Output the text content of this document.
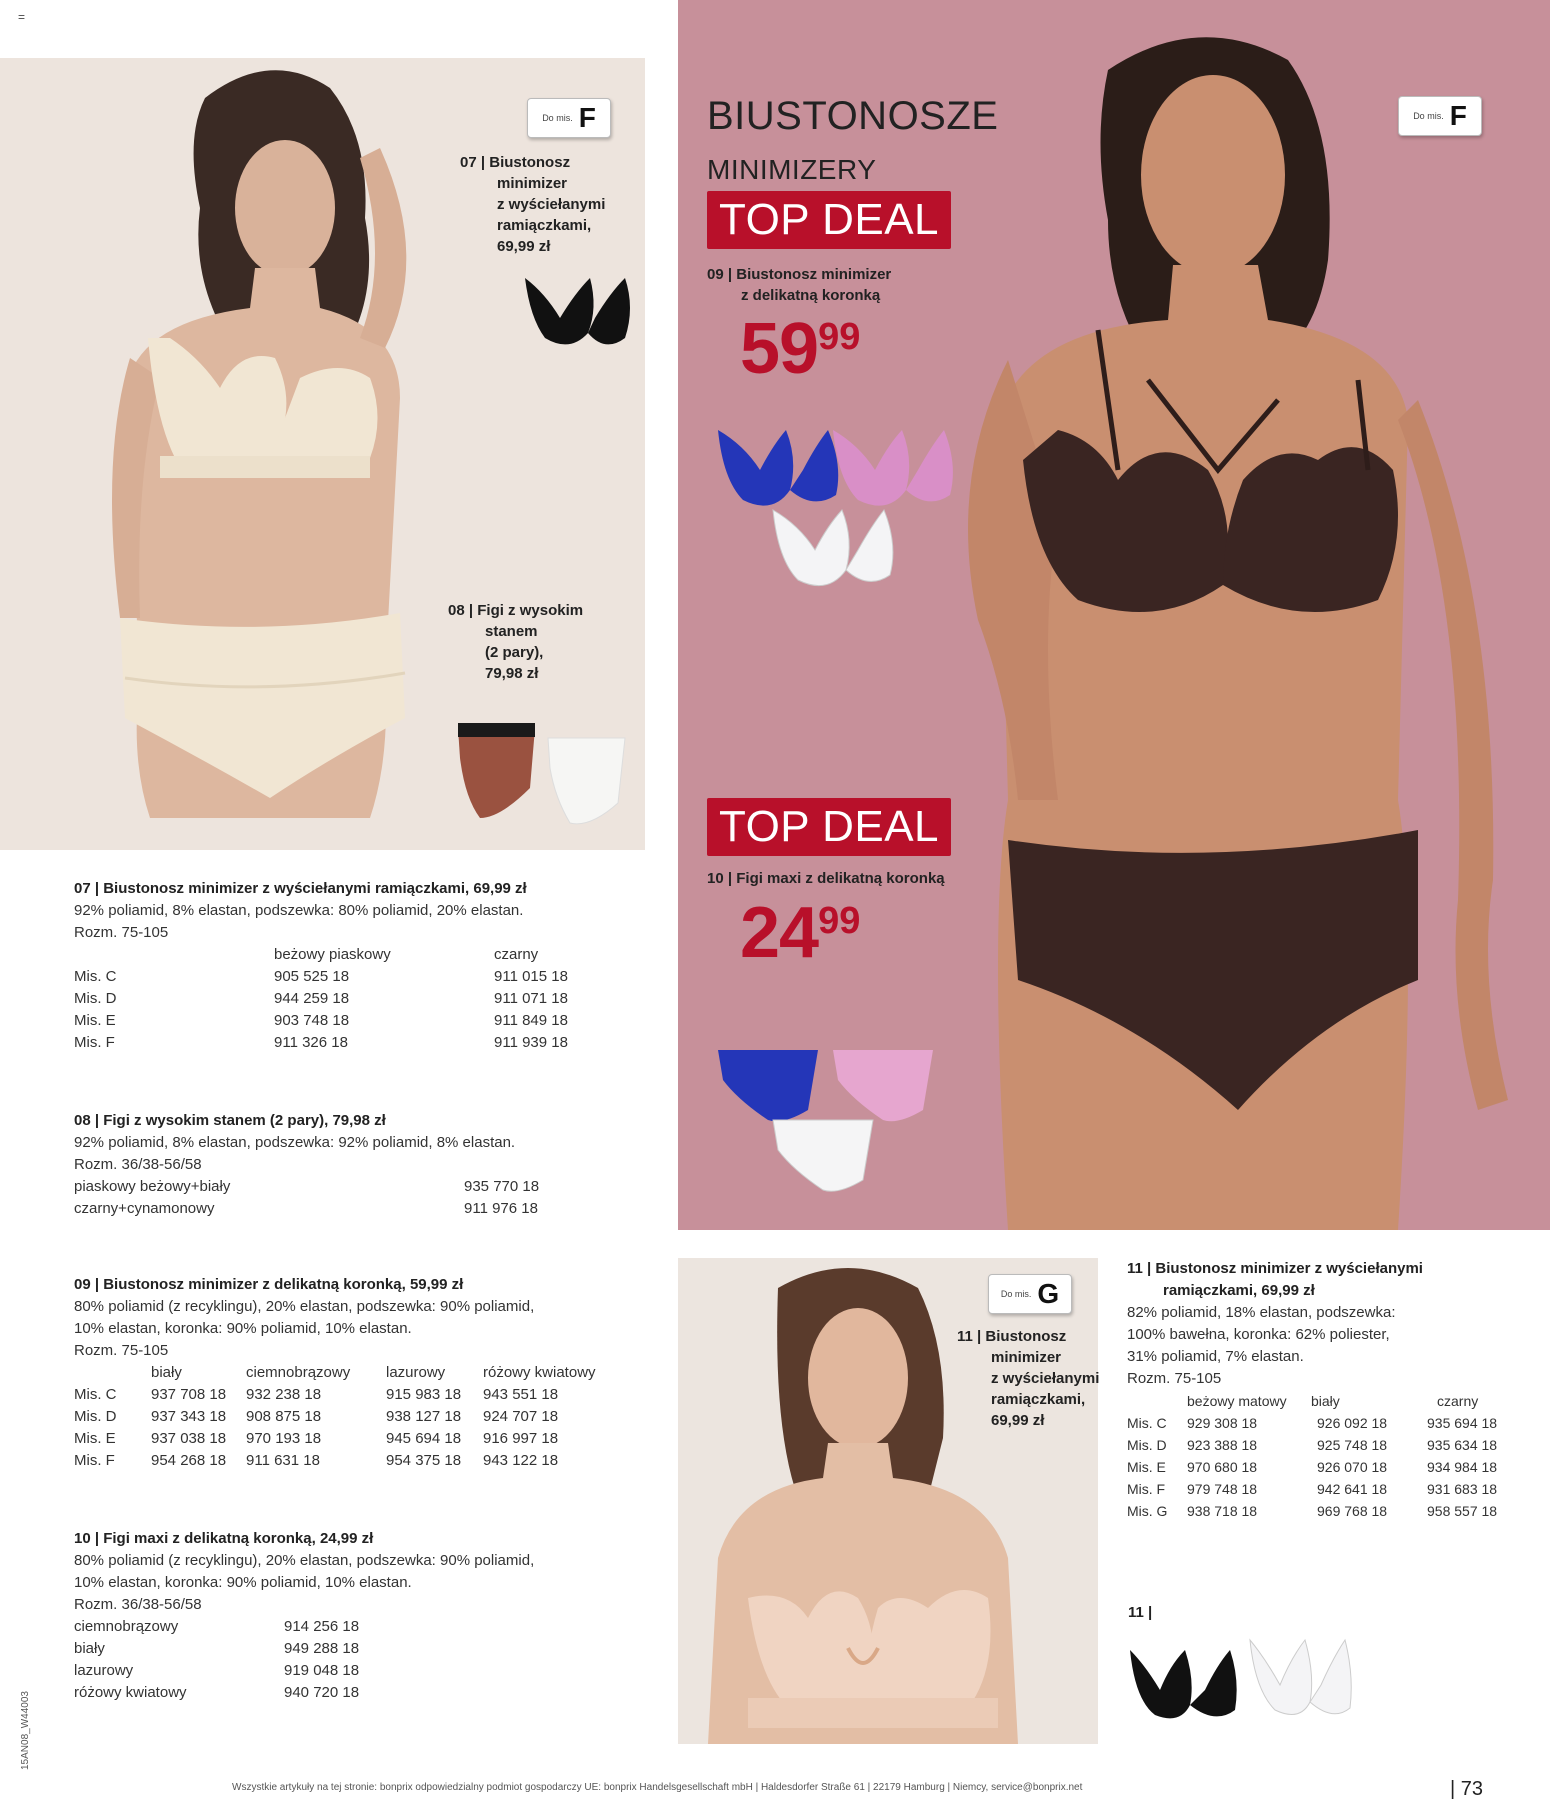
=
Do mis. F
07 | Biustonosz
minimizer
z wyściełanymi
ramiączkami,
69,99 zł
08 | Figi z wysokim
stanem
(2 pary),
79,98 zł
BIUSTONOSZE
MINIMIZERY
TOP DEAL
09 | Biustonosz minimizer
z delikatną koronką
5999
Do mis. F
TOP DEAL
10 | Figi maxi z delikatną koronką
2499
Do mis. G
11 | Biustonosz
minimizer
z wyściełanymi
ramiączkami,
69,99 zł
11 |
07 | Biustonosz minimizer z wyściełanymi ramiączkami, 69,99 zł
92% poliamid, 8% elastan, podszewka: 80% poliamid, 20% elastan.
Rozm. 75-105
beżowy piaskowy	czarny
Mis. C	905 525 18	911 015 18
Mis. D	944 259 18	911 071 18
Mis. E	903 748 18	911 849 18
Mis. F	911 326 18	911 939 18
08 | Figi z wysokim stanem (2 pary), 79,98 zł
92% poliamid, 8% elastan, podszewka: 92% poliamid, 8% elastan.
Rozm. 36/38-56/58
piaskowy beżowy+biały	935 770 18
czarny+cynamonowy	911 976 18
09 | Biustonosz minimizer z delikatną koronką, 59,99 zł
80% poliamid (z recyklingu), 20% elastan, podszewka: 90% poliamid,
10% elastan, koronka: 90% poliamid, 10% elastan.
Rozm. 75-105
biały	ciemnobrązowy	lazurowy	różowy kwiatowy
Mis. C	937 708 18	932 238 18	915 983 18	943 551 18
Mis. D	937 343 18	908 875 18	938 127 18	924 707 18
Mis. E	937 038 18	970 193 18	945 694 18	916 997 18
Mis. F	954 268 18	911 631 18	954 375 18	943 122 18
10 | Figi maxi z delikatną koronką, 24,99 zł
80% poliamid (z recyklingu), 20% elastan, podszewka: 90% poliamid,
10% elastan, koronka: 90% poliamid, 10% elastan.
Rozm. 36/38-56/58
ciemnobrązowy	914 256 18
biały	949 288 18
lazurowy	919 048 18
różowy kwiatowy	940 720 18
11 | Biustonosz minimizer z wyściełanymi
ramiączkami, 69,99 zł
82% poliamid, 18% elastan, podszewka:
100% bawełna, koronka: 62% poliester,
31% poliamid, 7% elastan.
Rozm. 75-105
beżowy matowy	biały	czarny
Mis. C	929 308 18	926 092 18	935 694 18
Mis. D	923 388 18	925 748 18	935 634 18
Mis. E	970 680 18	926 070 18	934 984 18
Mis. F	979 748 18	942 641 18	931 683 18
Mis. G	938 718 18	969 768 18	958 557 18
15AN08_W44003
Wszystkie artykuły na tej stronie: bonprix odpowiedzialny podmiot gospodarczy UE: bonprix Handelsgesellschaft mbH | Haldesdorfer Straße 61 | 22179 Hamburg | Niemcy, service@bonprix.net	| 73
